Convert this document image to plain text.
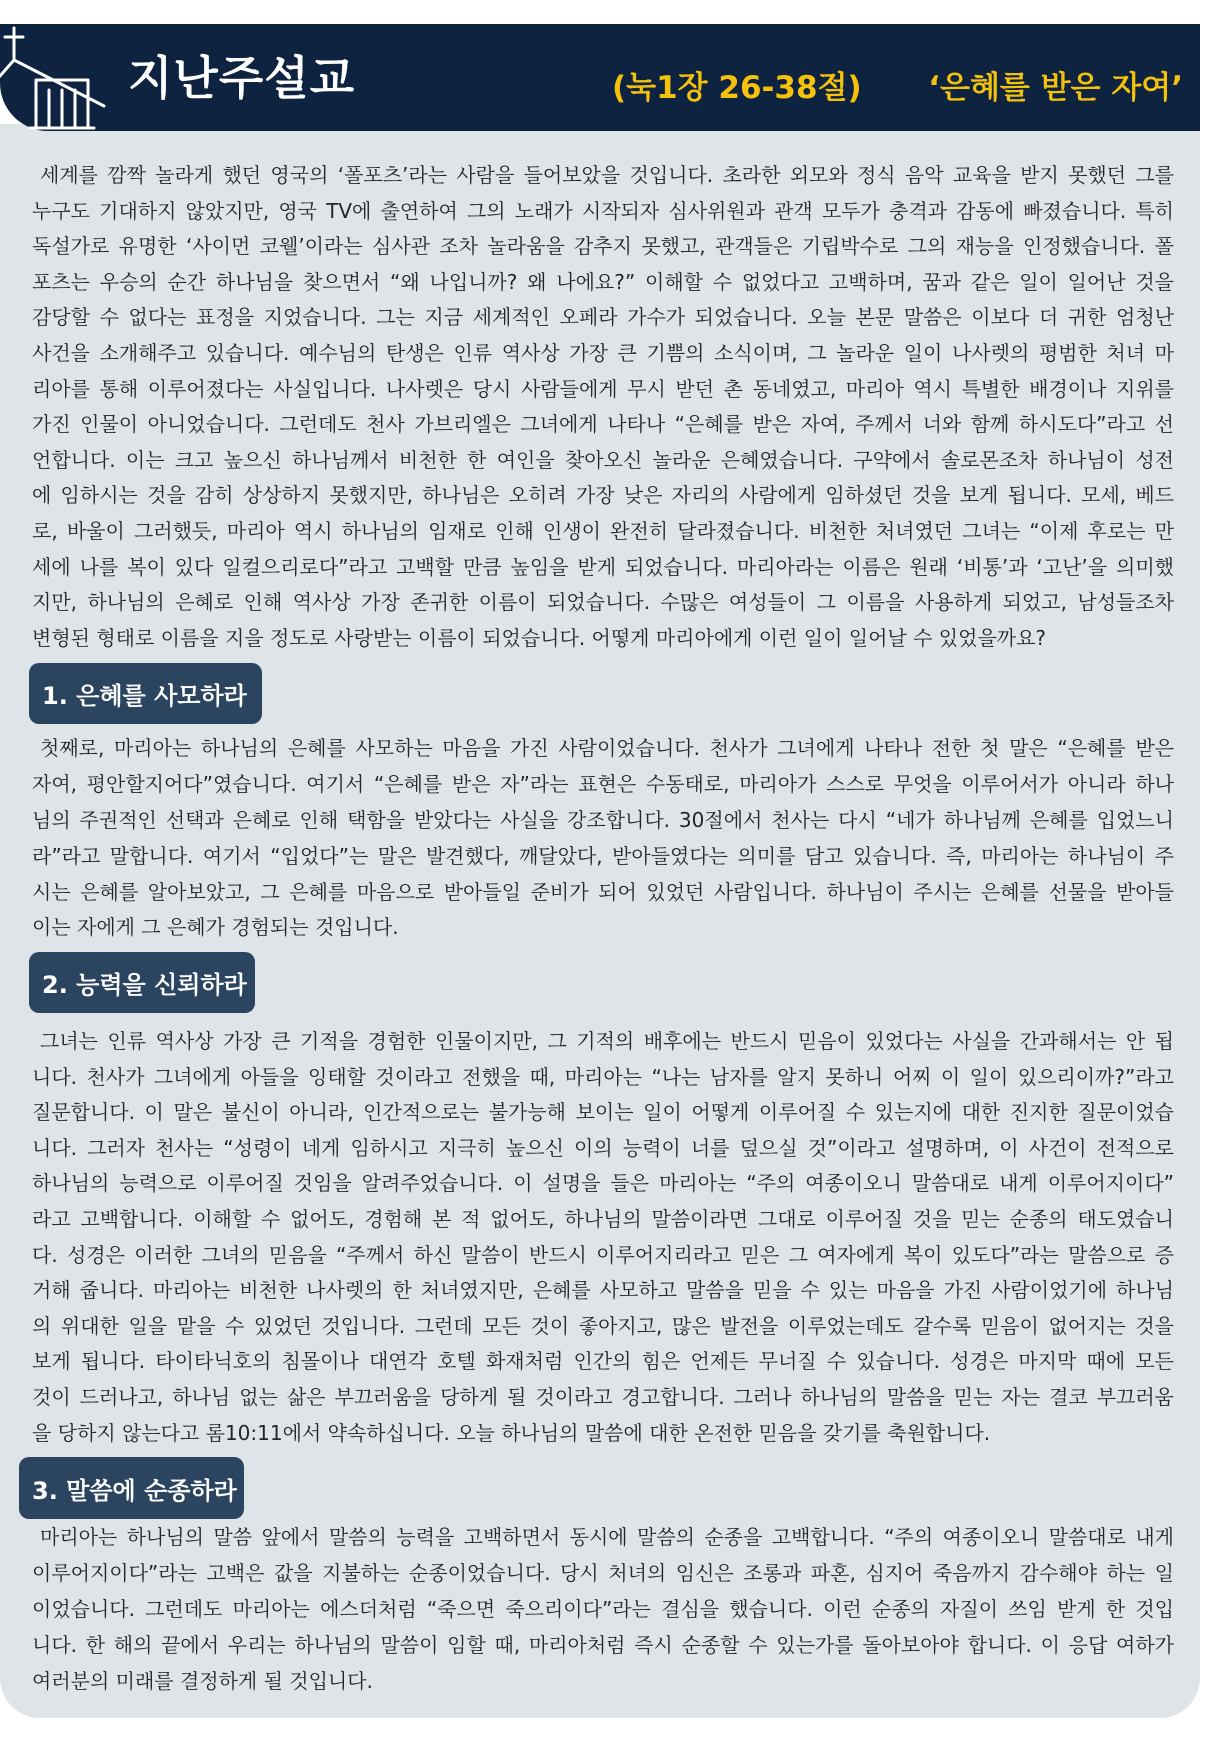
지난주설교	(눅1장 26-38절) ‘은혜를 받은 자여’
세계를 깜짝 놀라게 했던 영국의 ‘폴포츠’라는 사람을 들어보았을 것입니다. 초라한 외모와 정식 음악 교육을 받지 못했던 그를
누구도 기대하지 않았지만, 영국 TV에 출연하여 그의 노래가 시작되자 심사위원과 관객 모두가 충격과 감동에 빠졌습니다. 특히
독설가로 유명한 ‘사이먼 코웰’이라는 심사관 조차 놀라움을 감추지 못했고, 관객들은 기립박수로 그의 재능을 인정했습니다. 폴
포츠는 우승의 순간 하나님을 찾으면서 “왜 나입니까? 왜 나에요?” 이해할 수 없었다고 고백하며, 꿈과 같은 일이 일어난 것을
감당할 수 없다는 표정을 지었습니다. 그는 지금 세계적인 오페라 가수가 되었습니다. 오늘 본문 말씀은 이보다 더 귀한 엄청난
사건을 소개해주고 있습니다. 예수님의 탄생은 인류 역사상 가장 큰 기쁨의 소식이며, 그 놀라운 일이 나사렛의 평범한 처녀 마
리아를 통해 이루어졌다는 사실입니다. 나사렛은 당시 사람들에게 무시 받던 촌 동네였고, 마리아 역시 특별한 배경이나 지위를
가진 인물이 아니었습니다. 그런데도 천사 가브리엘은 그녀에게 나타나 “은혜를 받은 자여, 주께서 너와 함께 하시도다”라고 선
언합니다. 이는 크고 높으신 하나님께서 비천한 한 여인을 찾아오신 놀라운 은혜였습니다. 구약에서 솔로몬조차 하나님이 성전
에 임하시는 것을 감히 상상하지 못했지만, 하나님은 오히려 가장 낮은 자리의 사람에게 임하셨던 것을 보게 됩니다. 모세, 베드
로, 바울이 그러했듯, 마리아 역시 하나님의 임재로 인해 인생이 완전히 달라졌습니다. 비천한 처녀였던 그녀는 “이제 후로는 만
세에 나를 복이 있다 일컬으리로다”라고 고백할 만큼 높임을 받게 되었습니다. 마리아라는 이름은 원래 ‘비통’과 ‘고난’을 의미했
지만, 하나님의 은혜로 인해 역사상 가장 존귀한 이름이 되었습니다. 수많은 여성들이 그 이름을 사용하게 되었고, 남성들조차
변형된 형태로 이름을 지을 정도로 사랑받는 이름이 되었습니다. 어떻게 마리아에게 이런 일이 일어날 수 있었을까요?
1. 은혜를 사모하라
첫째로, 마리아는 하나님의 은혜를 사모하는 마음을 가진 사람이었습니다. 천사가 그녀에게 나타나 전한 첫 말은 “은혜를 받은
자여, 평안할지어다”였습니다. 여기서 “은혜를 받은 자”라는 표현은 수동태로, 마리아가 스스로 무엇을 이루어서가 아니라 하나
님의 주권적인 선택과 은혜로 인해 택함을 받았다는 사실을 강조합니다. 30절에서 천사는 다시 “네가 하나님께 은혜를 입었느니
라”라고 말합니다. 여기서 “입었다”는 말은 발견했다, 깨달았다, 받아들였다는 의미를 담고 있습니다. 즉, 마리아는 하나님이 주
시는 은혜를 알아보았고, 그 은혜를 마음으로 받아들일 준비가 되어 있었던 사람입니다. 하나님이 주시는 은혜를 선물을 받아들
이는 자에게 그 은혜가 경험되는 것입니다.
2. 능력을 신뢰하라
그녀는 인류 역사상 가장 큰 기적을 경험한 인물이지만, 그 기적의 배후에는 반드시 믿음이 있었다는 사실을 간과해서는 안 됩
니다. 천사가 그녀에게 아들을 잉태할 것이라고 전했을 때, 마리아는 “나는 남자를 알지 못하니 어찌 이 일이 있으리이까?”라고
질문합니다. 이 말은 불신이 아니라, 인간적으로는 불가능해 보이는 일이 어떻게 이루어질 수 있는지에 대한 진지한 질문이었습
니다. 그러자 천사는 “성령이 네게 임하시고 지극히 높으신 이의 능력이 너를 덮으실 것”이라고 설명하며, 이 사건이 전적으로
하나님의 능력으로 이루어질 것임을 알려주었습니다. 이 설명을 들은 마리아는 “주의 여종이오니 말씀대로 내게 이루어지이다”
라고 고백합니다. 이해할 수 없어도, 경험해 본 적 없어도, 하나님의 말씀이라면 그대로 이루어질 것을 믿는 순종의 태도였습니
다. 성경은 이러한 그녀의 믿음을 “주께서 하신 말씀이 반드시 이루어지리라고 믿은 그 여자에게 복이 있도다”라는 말씀으로 증
거해 줍니다. 마리아는 비천한 나사렛의 한 처녀였지만, 은혜를 사모하고 말씀을 믿을 수 있는 마음을 가진 사람이었기에 하나님
의 위대한 일을 맡을 수 있었던 것입니다. 그런데 모든 것이 좋아지고, 많은 발전을 이루었는데도 갈수록 믿음이 없어지는 것을
보게 됩니다. 타이타닉호의 침몰이나 대연각 호텔 화재처럼 인간의 힘은 언제든 무너질 수 있습니다. 성경은 마지막 때에 모든
것이 드러나고, 하나님 없는 삶은 부끄러움을 당하게 될 것이라고 경고합니다. 그러나 하나님의 말씀을 믿는 자는 결코 부끄러움
을 당하지 않는다고 롬10:11에서 약속하십니다. 오늘 하나님의 말씀에 대한 온전한 믿음을 갖기를 축원합니다.
3. 말씀에 순종하라
마리아는 하나님의 말씀 앞에서 말씀의 능력을 고백하면서 동시에 말씀의 순종을 고백합니다. “주의 여종이오니 말씀대로 내게
이루어지이다”라는 고백은 값을 지불하는 순종이었습니다. 당시 처녀의 임신은 조롱과 파혼, 심지어 죽음까지 감수해야 하는 일
이었습니다. 그런데도 마리아는 에스더처럼 “죽으면 죽으리이다”라는 결심을 했습니다. 이런 순종의 자질이 쓰임 받게 한 것입
니다. 한 해의 끝에서 우리는 하나님의 말씀이 임할 때, 마리아처럼 즉시 순종할 수 있는가를 돌아보아야 합니다. 이 응답 여하가
여러분의 미래를 결정하게 될 것입니다.
